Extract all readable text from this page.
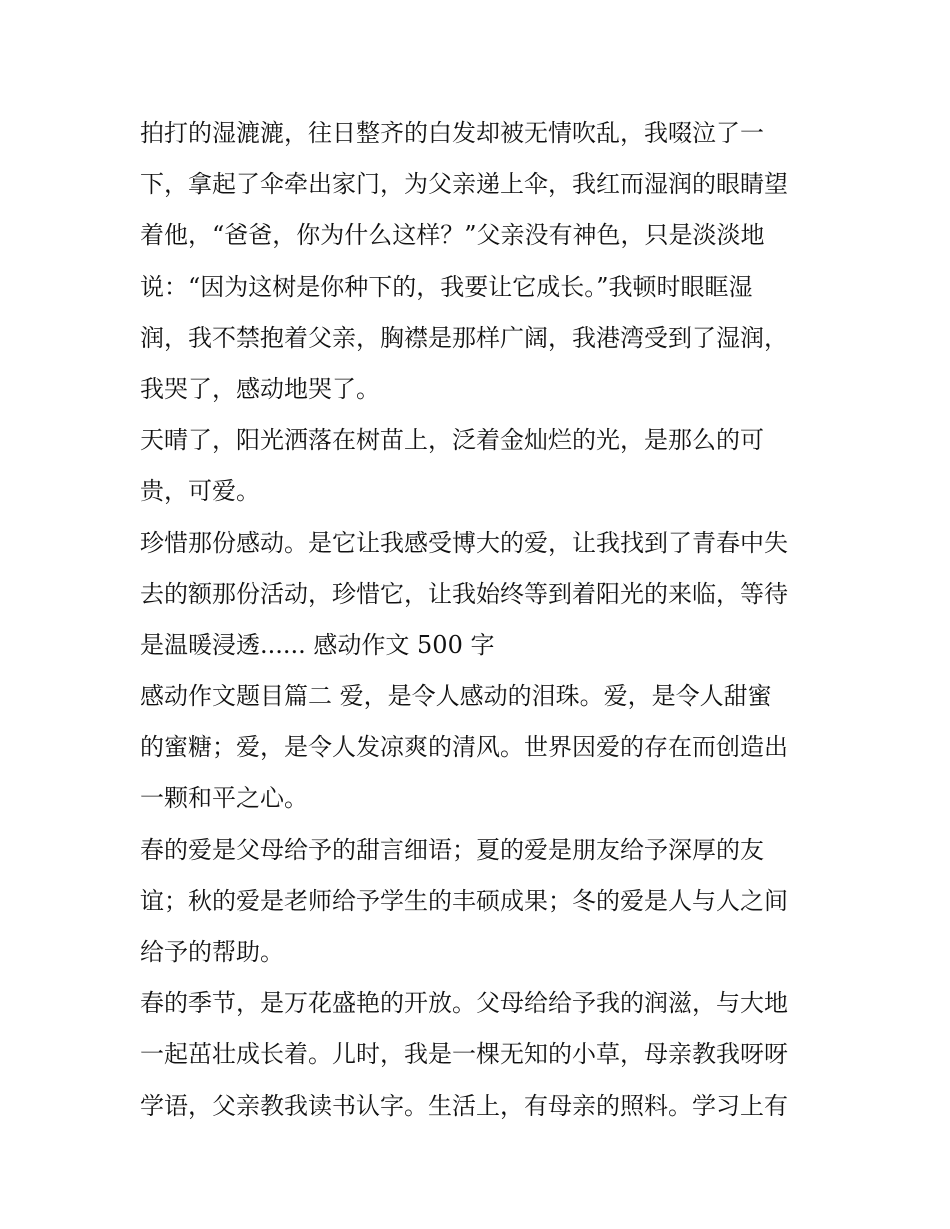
拍打的湿漉漉，往日整齐的白发却被无情吹乱，我啜泣了一
下，拿起了伞牵出家门，为父亲递上伞，我红而湿润的眼睛望
着他，“爸爸，你为什么这样？”父亲没有神色，只是淡淡地
说：“因为这树是你种下的，我要让它成长。”我顿时眼眶湿
润，我不禁抱着父亲，胸襟是那样广阔，我港湾受到了湿润，
我哭了，感动地哭了。
天晴了，阳光洒落在树苗上，泛着金灿烂的光，是那么的可
贵，可爱。
珍惜那份感动。是它让我感受博大的爱，让我找到了青春中失
去的额那份活动，珍惜它，让我始终等到着阳光的来临，等待
是温暖浸透...... 感动作文 500 字
感动作文题目篇二 爱，是令人感动的泪珠。爱，是令人甜蜜
的蜜糖；爱，是令人发凉爽的清风。世界因爱的存在而创造出
一颗和平之心。
春的爱是父母给予的甜言细语；夏的爱是朋友给予深厚的友
谊；秋的爱是老师给予学生的丰硕成果；冬的爱是人与人之间
给予的帮助。
春的季节，是万花盛艳的开放。父母给给予我的润滋，与大地
一起茁壮成长着。儿时，我是一棵无知的小草，母亲教我呀呀
学语，父亲教我读书认字。生活上，有母亲的照料。学习上有
